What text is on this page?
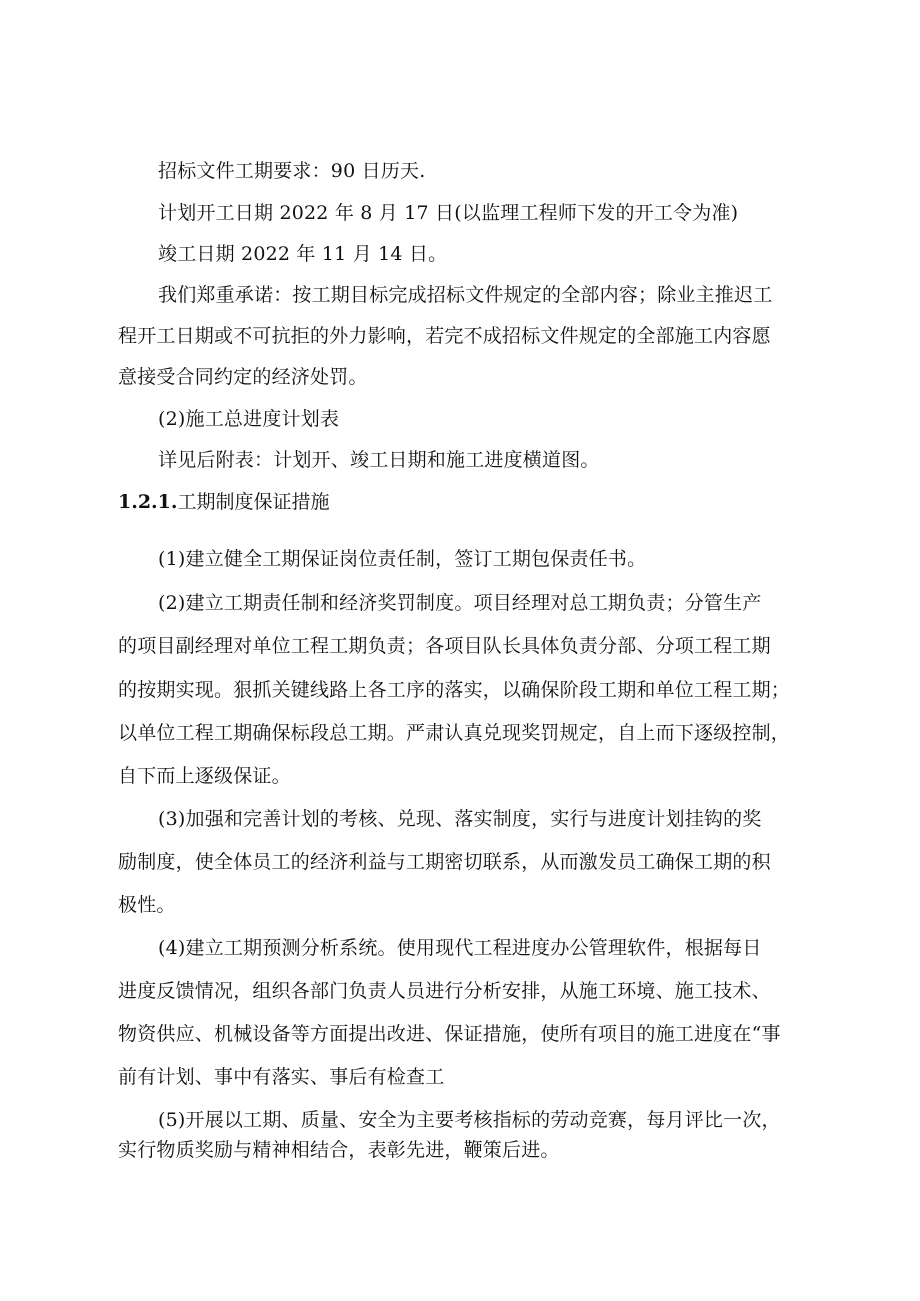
招标文件工期要求：90 日历天.
计划开工日期 2022 年 8 月 17 日(以监理工程师下发的开工令为准)
竣工日期 2022 年 11 月 14 日。
我们郑重承诺：按工期目标完成招标文件规定的全部内容；除业主推迟工
程开工日期或不可抗拒的外力影响，若完不成招标文件规定的全部施工内容愿
意接受合同约定的经济处罚。
(2)施工总进度计划表
详见后附表：计划开、竣工日期和施工进度横道图。
1.2.1.工期制度保证措施
(1)建立健全工期保证岗位责任制，签订工期包保责任书。
(2)建立工期责任制和经济奖罚制度。项目经理对总工期负责；分管生产
的项目副经理对单位工程工期负责；各项目队长具体负责分部、分项工程工期
的按期实现。狠抓关键线路上各工序的落实，以确保阶段工期和单位工程工期；
以单位工程工期确保标段总工期。严肃认真兑现奖罚规定，自上而下逐级控制，
自下而上逐级保证。
(3)加强和完善计划的考核、兑现、落实制度，实行与进度计划挂钩的奖
励制度，使全体员工的经济利益与工期密切联系，从而激发员工确保工期的积
极性。
(4)建立工期预测分析系统。使用现代工程进度办公管理软件，根据每日
进度反馈情况，组织各部门负责人员进行分析安排，从施工环境、施工技术、
物资供应、机械设备等方面提出改进、保证措施，使所有项目的施工进度在“事
前有计划、事中有落实、事后有检查工
(5)开展以工期、质量、安全为主要考核指标的劳动竞赛，每月评比一次，
实行物质奖励与精神相结合，表彰先进，鞭策后进。
